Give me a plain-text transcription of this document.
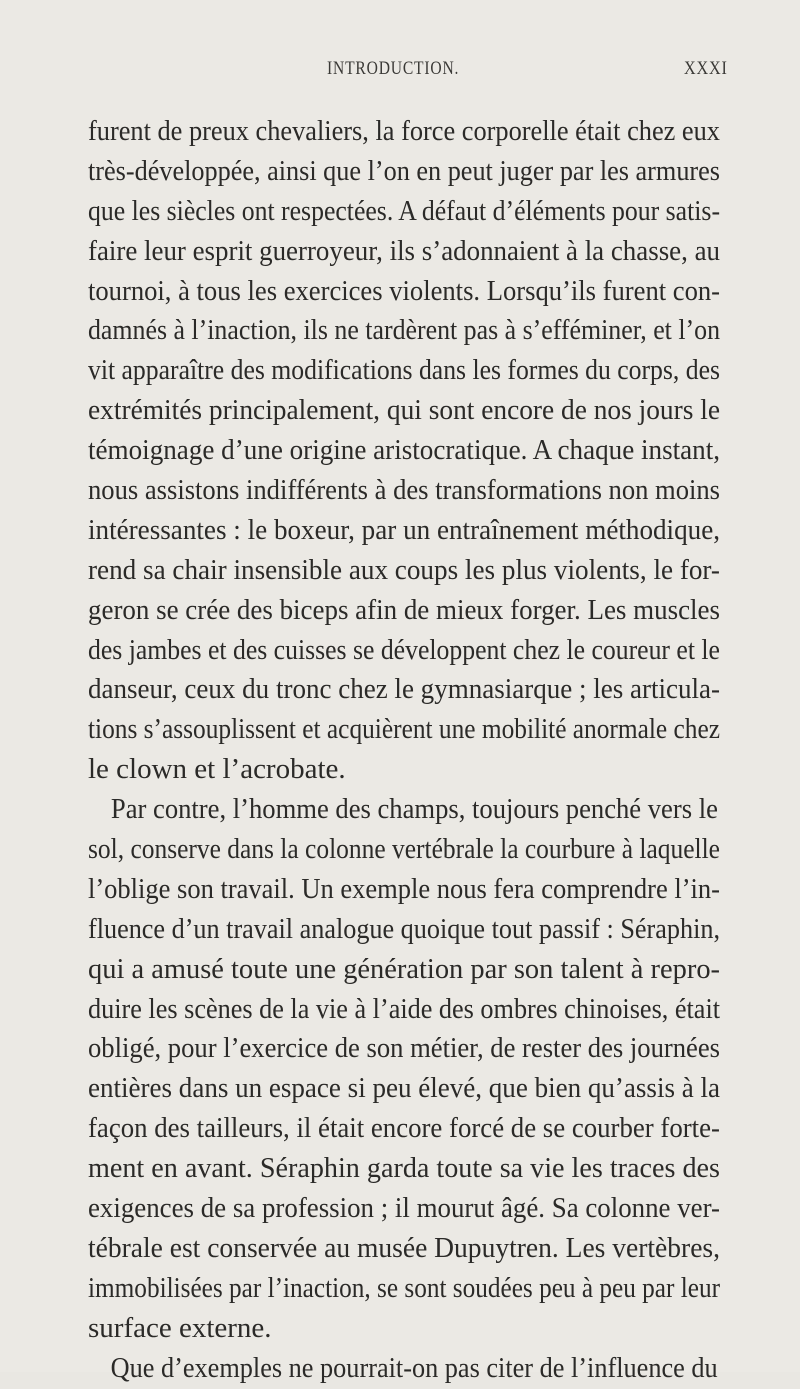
INTRODUCTION.	XXXI
furent de preux chevaliers, la force corporelle était chez eux
très-développée, ainsi que l’on en peut juger par les armures
que les siècles ont respectées. A défaut d’éléments pour satis-
faire leur esprit guerroyeur, ils s’adonnaient à la chasse, au
tournoi, à tous les exercices violents. Lorsqu’ils furent con-
damnés à l’inaction, ils ne tardèrent pas à s’efféminer, et l’on
vit apparaître des modifications dans les formes du corps, des
extrémités principalement, qui sont encore de nos jours le
témoignage d’une origine aristocratique. A chaque instant,
nous assistons indifférents à des transformations non moins
intéressantes : le boxeur, par un entraînement méthodique,
rend sa chair insensible aux coups les plus violents, le for-
geron se crée des biceps afin de mieux forger. Les muscles
des jambes et des cuisses se développent chez le coureur et le
danseur, ceux du tronc chez le gymnasiarque ; les articula-
tions s’assouplissent et acquièrent une mobilité anormale chez
le clown et l’acrobate.
Par contre, l’homme des champs, toujours penché vers le
sol, conserve dans la colonne vertébrale la courbure à laquelle
l’oblige son travail. Un exemple nous fera comprendre l’in-
fluence d’un travail analogue quoique tout passif : Séraphin,
qui a amusé toute une génération par son talent à repro-
duire les scènes de la vie à l’aide des ombres chinoises, était
obligé, pour l’exercice de son métier, de rester des journées
entières dans un espace si peu élevé, que bien qu’assis à la
façon des tailleurs, il était encore forcé de se courber forte-
ment en avant. Séraphin garda toute sa vie les traces des
exigences de sa profession ; il mourut âgé. Sa colonne ver-
tébrale est conservée au musée Dupuytren. Les vertèbres,
immobilisées par l’inaction, se sont soudées peu à peu par leur
surface externe.
Que d’exemples ne pourrait-on pas citer de l’influence du
